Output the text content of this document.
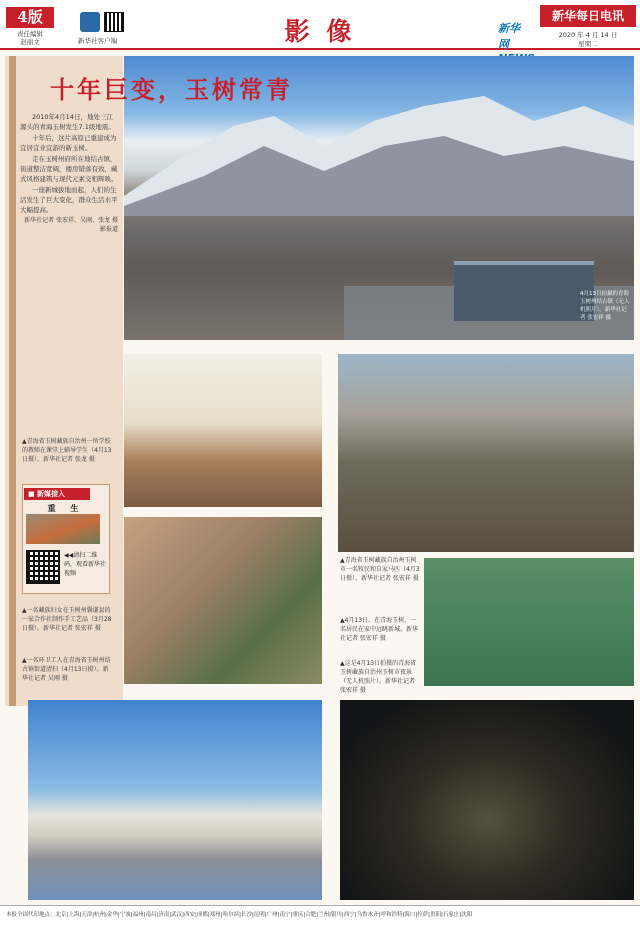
4版
责任编辑
赵丽文	新华社客户端	影 像	新华网
新华每日电讯
2020 年 4 月 14 日
星期二
十年巨变，玉树常青
4月13日拍摄的青海玉树州结古镇（无人机照片）。新华社记者 张宏祥 摄

2010年4月14日，地处三江源头的青海玉树发生7.1级地震。

十年后，这片高原已重建成为宜居宜业宜游的新玉树。

走在玉树州府所在地结古镇，街道整洁宽阔，楼房错落有致，藏式风格建筑与现代元素交相辉映。

一座新城拔地而起，人们的生活发生了巨大变化，群众生活水平大幅提高。

新华社记者 张宏祥、吴刚、张龙 摄影报道

▲青海省玉树藏族自治州一所学校的教师在课堂上辅导学生（4月13日摄）。新华社记者 张龙 摄
■ 新媒接入
重 生
◀◀请扫二维码，观看新华社视频
▲一名藏族妇女在玉树州囊谦县的一家合作社制作手工艺品（3月28日摄）。新华社记者 张宏祥 摄
▲一名环卫工人在青海省玉树州结古镇街道清扫（4月13日摄）。新华社记者 吴刚 摄
▲青海省玉树藏族自治州玉树市一名牧民和自家马匹（4月3日摄）。新华社记者 张宏祥 摄
▲4月13日，在青海玉树，一名居民在家中远眺新城。新华社记者 张宏祥 摄
▲这是4月13日拍摄的青海省玉树藏族自治州玉树市夜景（无人机照片）。新华社记者 张宏祥 摄
本报全国代印地点：北京|上海|天津|杭州|金华|宁波|福州|南昌|济南|武汉|西安|成都|郑州|哈尔滨|长沙|昆明|广州|南宁|重庆|合肥|兰州|银川|西宁|乌鲁木齐|呼和浩特|海口|拉萨|贵阳|石家庄|沈阳
